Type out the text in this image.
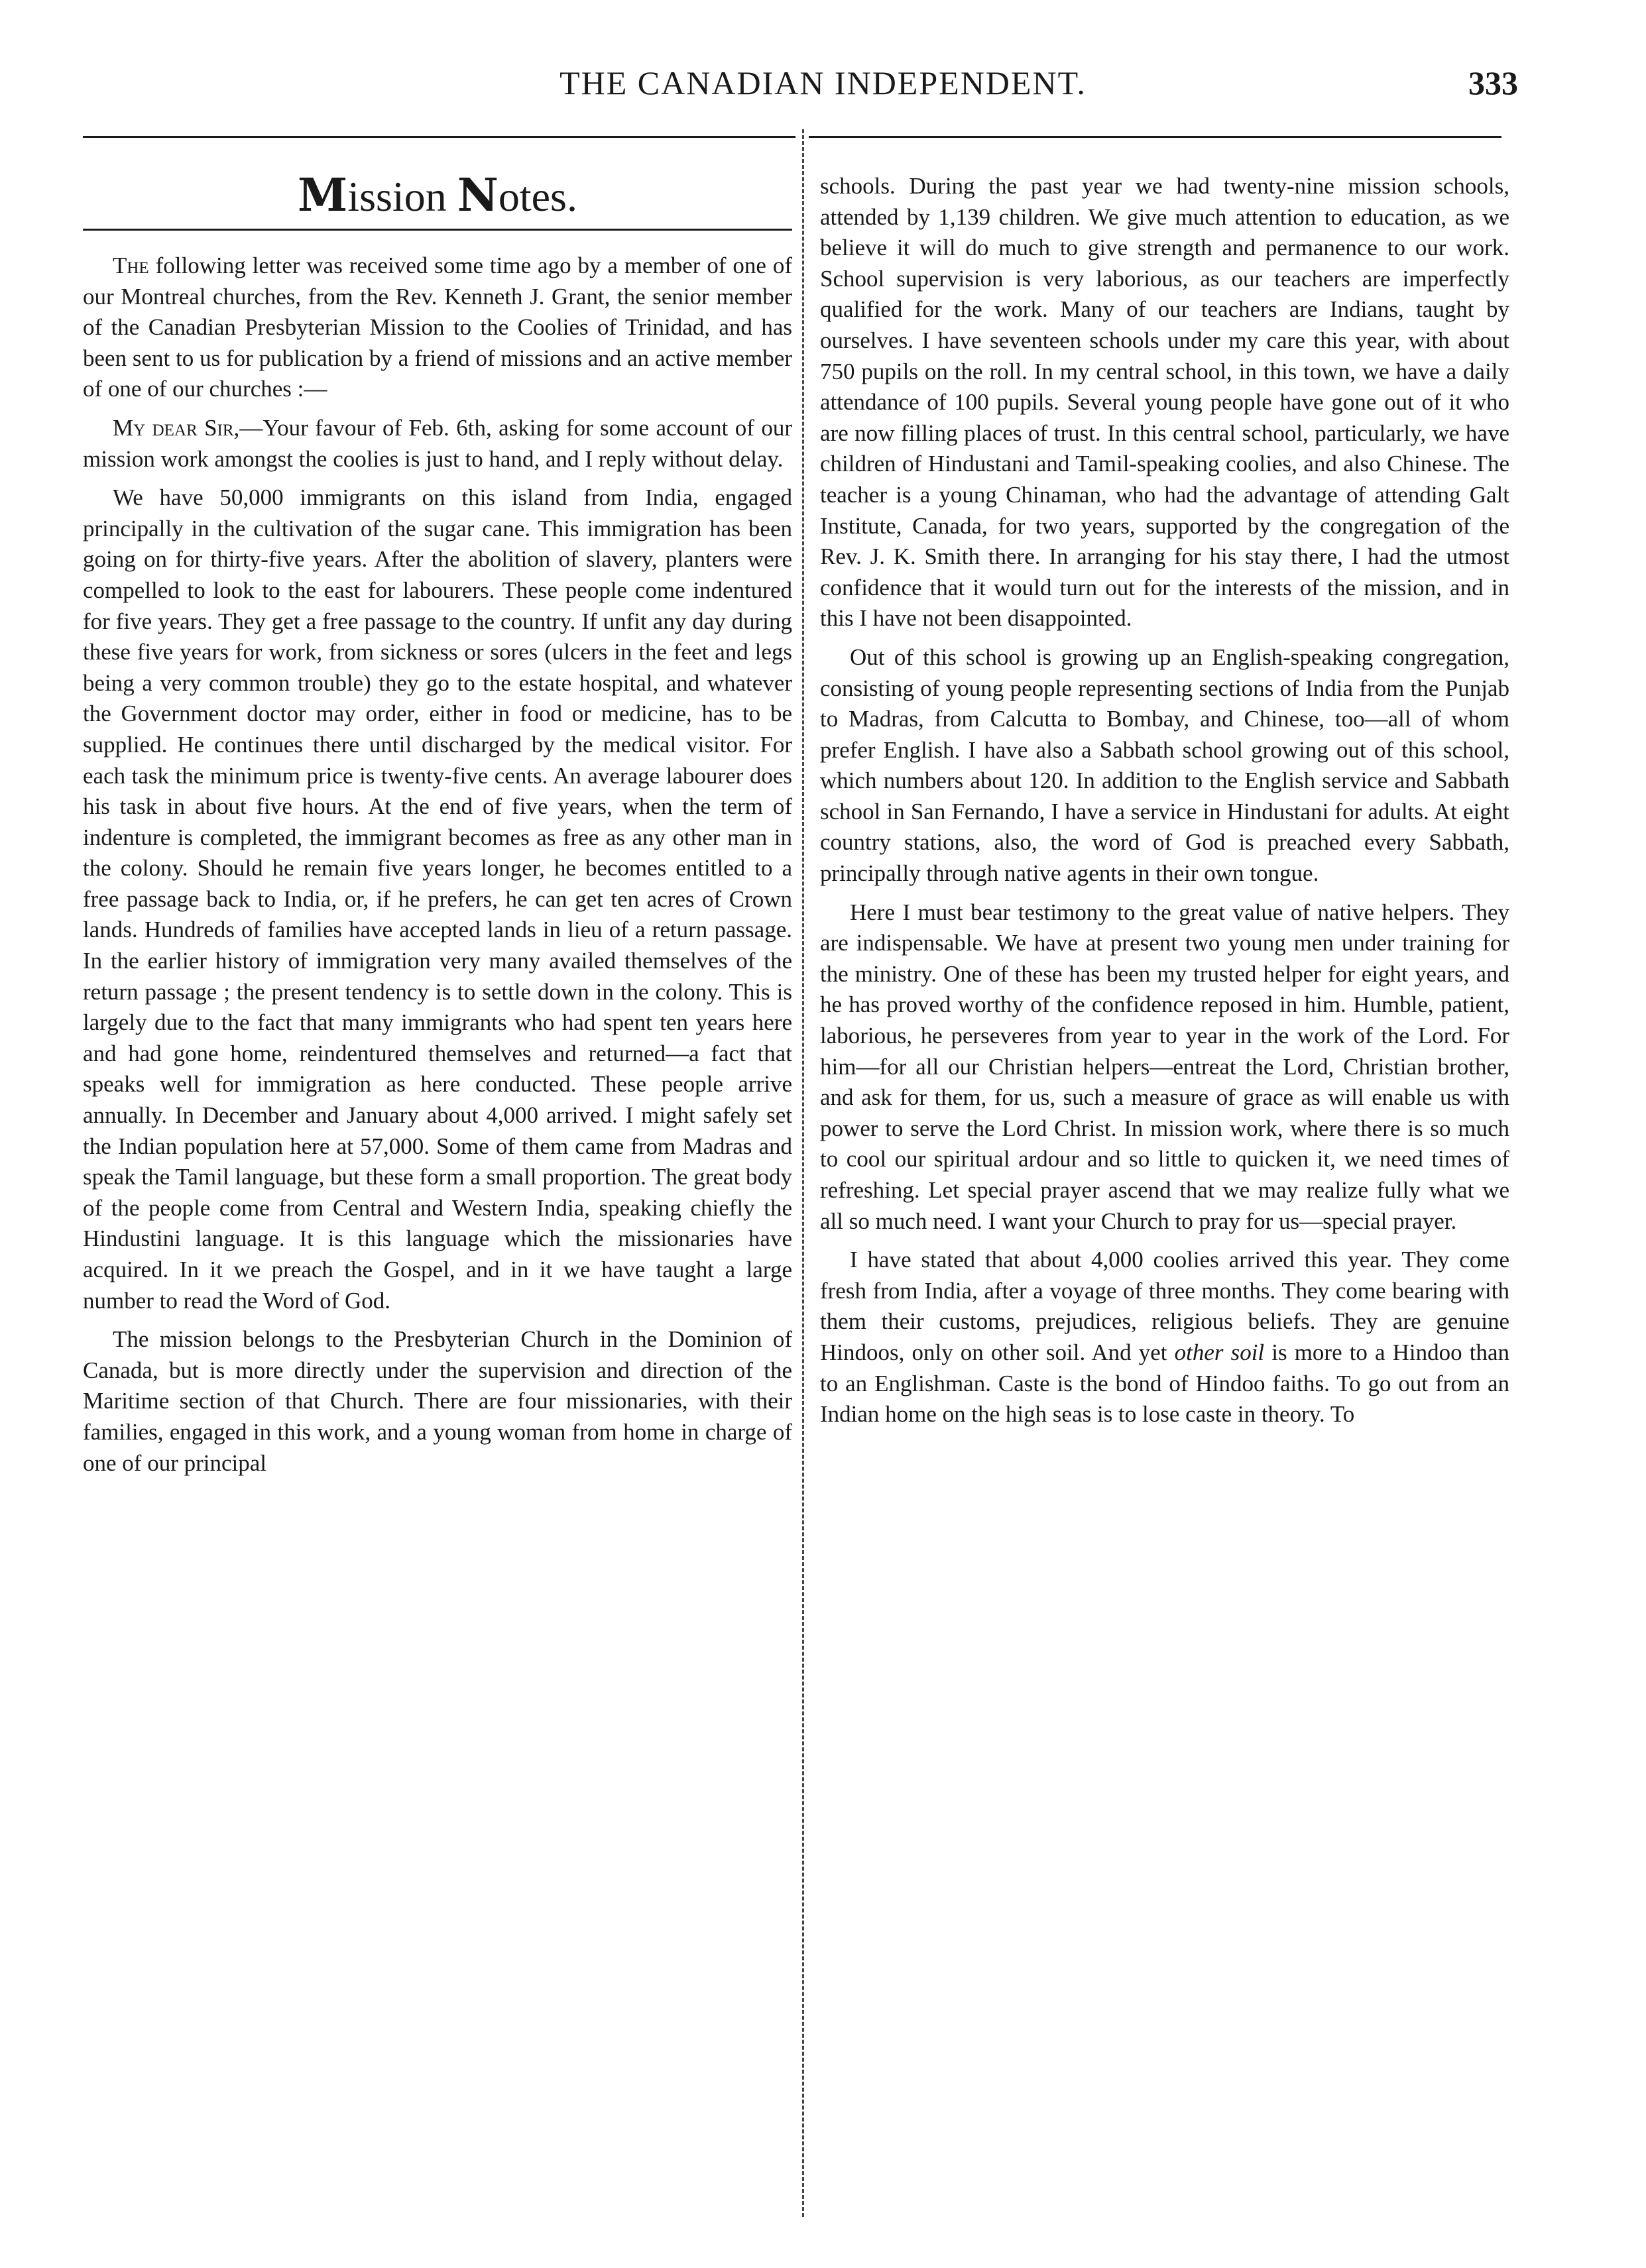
THE CANADIAN INDEPENDENT.	333
Mission Notes.

The following letter was received some time ago by a member of one of our Montreal churches, from the Rev. Kenneth J. Grant, the senior member of the Canadian Presbyterian Mission to the Coolies of Trinidad, and has been sent to us for publication by a friend of missions and an active member of one of our churches :—

My dear Sir,—Your favour of Feb. 6th, asking for some account of our mission work amongst the coolies is just to hand, and I reply without delay.

We have 50,000 immigrants on this island from India, engaged principally in the cultivation of the sugar cane. This immigration has been going on for thirty-five years. After the abolition of slavery, planters were compelled to look to the east for labourers. These people come indentured for five years. They get a free passage to the country. If unfit any day during these five years for work, from sickness or sores (ulcers in the feet and legs being a very common trouble) they go to the estate hospital, and whatever the Government doctor may order, either in food or medicine, has to be supplied. He continues there until discharged by the medical visitor. For each task the minimum price is twenty-five cents. An average labourer does his task in about five hours. At the end of five years, when the term of indenture is completed, the immigrant becomes as free as any other man in the colony. Should he remain five years longer, he becomes entitled to a free passage back to India, or, if he prefers, he can get ten acres of Crown lands. Hundreds of families have accepted lands in lieu of a return passage. In the earlier history of immigration very many availed themselves of the return passage ; the present tendency is to settle down in the colony. This is largely due to the fact that many immigrants who had spent ten years here and had gone home, reindentured themselves and returned—a fact that speaks well for immigration as here conducted. These people arrive annually. In December and January about 4,000 arrived. I might safely set the Indian population here at 57,000. Some of them came from Madras and speak the Tamil language, but these form a small proportion. The great body of the people come from Central and Western India, speaking chiefly the Hindustini language. It is this language which the missionaries have acquired. In it we preach the Gospel, and in it we have taught a large number to read the Word of God.

The mission belongs to the Presbyterian Church in the Dominion of Canada, but is more directly under the supervision and direction of the Maritime section of that Church. There are four missionaries, with their families, engaged in this work, and a young woman from home in charge of one of our principal

schools. During the past year we had twenty-nine mission schools, attended by 1,139 children. We give much attention to education, as we believe it will do much to give strength and permanence to our work. School supervision is very laborious, as our teachers are imperfectly qualified for the work. Many of our teachers are Indians, taught by ourselves. I have seventeen schools under my care this year, with about 750 pupils on the roll. In my central school, in this town, we have a daily attendance of 100 pupils. Several young people have gone out of it who are now filling places of trust. In this central school, particularly, we have children of Hindustani and Tamil-speaking coolies, and also Chinese. The teacher is a young Chinaman, who had the advantage of attending Galt Institute, Canada, for two years, supported by the congregation of the Rev. J. K. Smith there. In arranging for his stay there, I had the utmost confidence that it would turn out for the interests of the mission, and in this I have not been disappointed.

Out of this school is growing up an English-speaking congregation, consisting of young people representing sections of India from the Punjab to Madras, from Calcutta to Bombay, and Chinese, too—all of whom prefer English. I have also a Sabbath school growing out of this school, which numbers about 120. In addition to the English service and Sabbath school in San Fernando, I have a service in Hindustani for adults. At eight country stations, also, the word of God is preached every Sabbath, principally through native agents in their own tongue.

Here I must bear testimony to the great value of native helpers. They are indispensable. We have at present two young men under training for the ministry. One of these has been my trusted helper for eight years, and he has proved worthy of the confidence reposed in him. Humble, patient, laborious, he perseveres from year to year in the work of the Lord. For him—for all our Christian helpers—entreat the Lord, Christian brother, and ask for them, for us, such a measure of grace as will enable us with power to serve the Lord Christ. In mission work, where there is so much to cool our spiritual ardour and so little to quicken it, we need times of refreshing. Let special prayer ascend that we may realize fully what we all so much need. I want your Church to pray for us—special prayer.

I have stated that about 4,000 coolies arrived this year. They come fresh from India, after a voyage of three months. They come bearing with them their customs, prejudices, religious beliefs. They are genuine Hindoos, only on other soil. And yet other soil is more to a Hindoo than to an Englishman. Caste is the bond of Hindoo faiths. To go out from an Indian home on the high seas is to lose caste in theory. To
